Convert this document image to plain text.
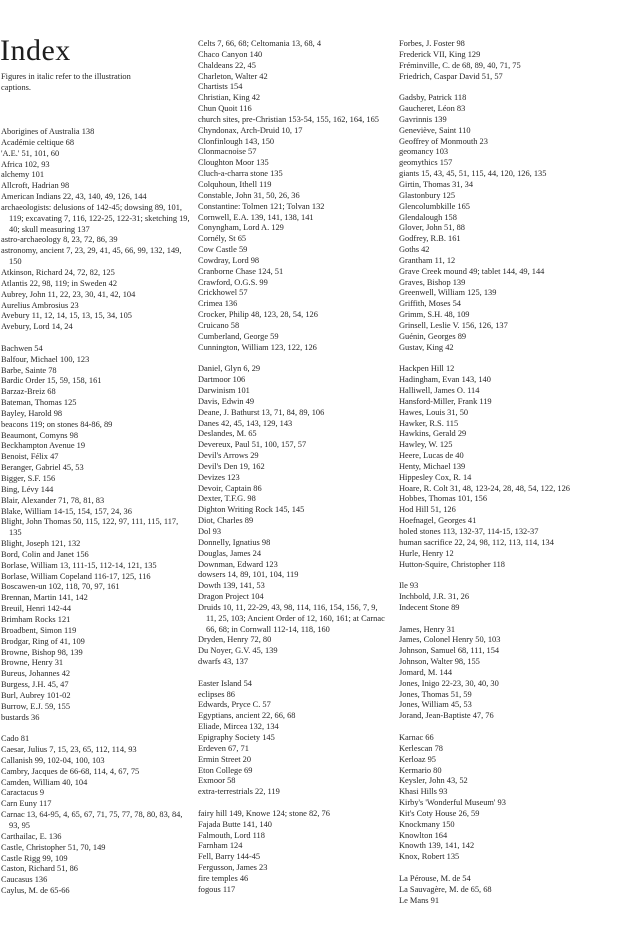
Index
Figures in italic refer to the illustration captions.
Aborigines of Australia 138
Académie celtique 68
'A.E.' 51, 101, 60
Africa 102, 93
alchemy 101
Allcroft, Hadrian 98
American Indians 22, 43, 140, 49, 126, 144
archaeologists: delusions of 142-45; dowsing 89, 101, 119; excavating 7, 116, 122-25, 122-31; sketching 19, 40; skull measuring 137
astro-archaeology 8, 23, 72, 86, 39
astronomy, ancient 7, 23, 29, 41, 45, 66, 99, 132, 149, 150
Atkinson, Richard 24, 72, 82, 125
Atlantis 22, 98, 119; in Sweden 42
Aubrey, John 11, 22, 23, 30, 41, 42, 104
Aurelius Ambrosius 23
Avebury 11, 12, 14, 15, 13, 15, 34, 105
Avebury, Lord 14, 24
Bachwen 54
Balfour, Michael 100, 123
Barbe, Sainte 78
Bardic Order 15, 59, 158, 161
Barzaz-Breiz 68
Bateman, Thomas 125
Bayley, Harold 98
beacons 119; on stones 84-86, 89
Beaumont, Comyns 98
Beckhampton Avenue 19
Benoist, Félix 47
Beranger, Gabriel 45, 53
Bigger, S.F. 156
Bing, Lévy 144
Blair, Alexander 71, 78, 81, 83
Blake, William 14-15, 154, 157, 24, 36
Blight, John Thomas 50, 115, 122, 97, 111, 115, 117, 135
Blight, Joseph 121, 132
Bord, Colin and Janet 156
Borlase, William 13, 111-15, 112-14, 121, 135
Borlase, William Copeland 116-17, 125, 116
Boscawen-un 102, 118, 70, 97, 161
Brennan, Martin 141, 142
Breuil, Henri 142-44
Brimham Rocks 121
Broadbent, Simon 119
Brodgar, Ring of 41, 109
Browne, Bishop 98, 139
Browne, Henry 31
Bureus, Johannes 42
Burgess, J.H. 45, 47
Burl, Aubrey 101-02
Burrow, E.J. 59, 155
bustards 36
Cado 81
Caesar, Julius 7, 15, 23, 65, 112, 114, 93
Callanish 99, 102-04, 100, 103
Cambry, Jacques de 66-68, 114, 4, 67, 75
Camden, William 40, 104
Caractacus 9
Carn Euny 117
Carnac 13, 64-95, 4, 65, 67, 71, 75, 77, 78, 80, 83, 84, 93, 95
Carthailac, E. 136
Castle, Christopher 51, 70, 149
Castle Rigg 99, 109
Caston, Richard 51, 86
Caucasus 136
Caylus, M. de 65-66
Celts 7, 66, 68; Celtomania 13, 68, 4
Chaco Canyon 140
Chaldeans 22, 45
Charleton, Walter 42
Chartists 154
Christian, King 42
Chun Quoit 116
church sites, pre-Christian 153-54, 155, 162, 164, 165
Chyndonax, Arch-Druid 10, 17
Clonfinlough 143, 150
Clonmacnoise 57
Cloughton Moor 135
Cluch-a-charra stone 135
Colquhoun, Ithell 119
Constable, John 31, 50, 26, 36
Constantine: Tolmen 121; Tolvan 132
Cornwell, E.A. 139, 141, 138, 141
Conyngham, Lord A. 129
Cornély, St 65
Cow Castle 59
Cowdray, Lord 98
Cranborne Chase 124, 51
Crawford, O.G.S. 99
Crickhowel 57
Crimea 136
Crocker, Philip 48, 123, 28, 54, 126
Cruicano 58
Cumberland, George 59
Cunnington, William 123, 122, 126
Daniel, Glyn 6, 29
Dartmoor 106
Darwinism 101
Davis, Edwin 49
Deane, J. Bathurst 13, 71, 84, 89, 106
Danes 42, 45, 143, 129, 143
Deslandes, M. 65
Devereux, Paul 51, 100, 157, 57
Devil's Arrows 29
Devil's Den 19, 162
Devizes 123
Devoir, Captain 86
Dexter, T.F.G. 98
Dighton Writing Rock 145, 145
Diot, Charles 89
Dol 93
Donnelly, Ignatius 98
Douglas, James 24
Downman, Edward 123
dowsers 14, 89, 101, 104, 119
Dowth 139, 141, 53
Dragon Project 104
Druids 10, 11, 22-29, 43, 98, 114, 116, 154, 156, 7, 9, 11, 25, 103; Ancient Order of 12, 160, 161; at Carnac 66, 68; in Cornwall 112-14, 118, 160
Dryden, Henry 72, 80
Du Noyer, G.V. 45, 139
dwarfs 43, 137
Easter Island 54
eclipses 86
Edwards, Pryce C. 57
Egyptians, ancient 22, 66, 68
Eliade, Mircea 132, 134
Epigraphy Society 145
Erdeven 67, 71
Ermin Street 20
Eton College 69
Exmoor 58
extra-terrestrials 22, 119
fairy hill 149, Knowe 124; stone 82, 76
Fajada Butte 141, 140
Falmouth, Lord 118
Farnham 124
Fell, Barry 144-45
Fergusson, James 23
fire temples 46
fogous 117
Forbes, J. Foster 98
Frederick VII, King 129
Fréminville, C. de 68, 89, 40, 71, 75
Friedrich, Caspar David 51, 57
Gadsby, Patrick 118
Gaucheret, Léon 83
Gavrinnis 139
Geneviève, Saint 110
Geoffrey of Monmouth 23
geomancy 103
geomythics 157
giants 15, 43, 45, 51, 115, 44, 120, 126, 135
Girtin, Thomas 31, 34
Glastonbury 125
Glencolumbkille 165
Glendalough 158
Glover, John 51, 88
Godfrey, R.B. 161
Goths 42
Grantham 11, 12
Grave Creek mound 49; tablet 144, 49, 144
Graves, Bishop 139
Greenwell, William 125, 139
Griffith, Moses 54
Grimm, S.H. 48, 109
Grinsell, Leslie V. 156, 126, 137
Guénin, Georges 89
Gustav, King 42
Hackpen Hill 12
Hadingham, Evan 143, 140
Halliwell, James O. 114
Hansford-Miller, Frank 119
Hawes, Louis 31, 50
Hawker, R.S. 115
Hawkins, Gerald 29
Hawley, W. 125
Heere, Lucas de 40
Henty, Michael 139
Hippesley Cox, R. 14
Hoare, R. Colt 31, 48, 123-24, 28, 48, 54, 122, 126
Hobbes, Thomas 101, 156
Hod Hill 51, 126
Hoefnagel, Georges 41
holed stones 113, 132-37, 114-15, 132-37
human sacrifice 22, 24, 98, 112, 113, 114, 134
Hurle, Henry 12
Hutton-Squire, Christopher 118
Ile 93
Inchbold, J.R. 31, 26
Indecent Stone 89
James, Henry 31
James, Colonel Henry 50, 103
Johnson, Samuel 68, 111, 154
Johnson, Walter 98, 155
Jomard, M. 144
Jones, Inigo 22-23, 30, 40, 30
Jones, Thomas 51, 59
Jones, William 45, 53
Jorand, Jean-Baptiste 47, 76
Karnac 66
Kerlescan 78
Kerloaz 95
Kermario 80
Keysler, John 43, 52
Khasi Hills 93
Kirby's 'Wonderful Museum' 93
Kit's Coty House 26, 59
Knockmany 150
Knowlton 164
Knowth 139, 141, 142
Knox, Robert 135
La Pérouse, M. de 54
La Sauvagère, M. de 65, 68
Le Mans 91
